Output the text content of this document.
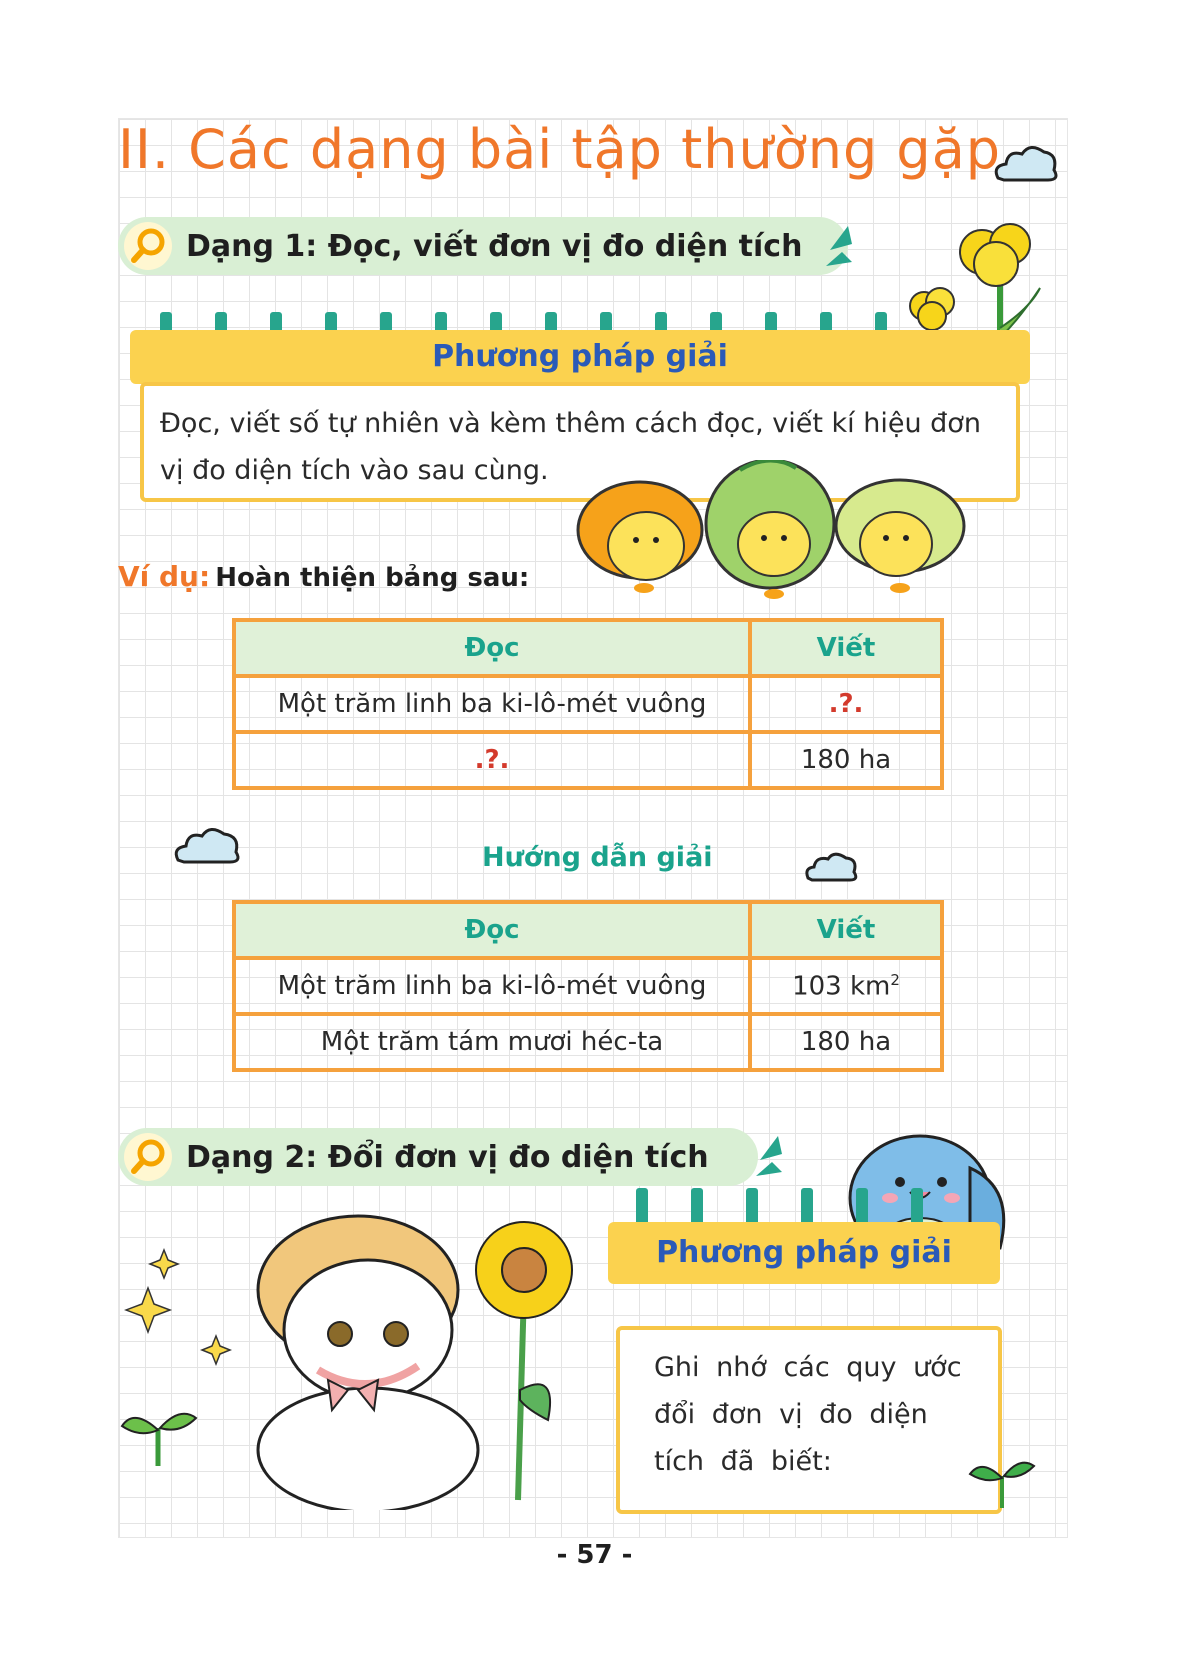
II. Các dạng bài tập thường gặp
Dạng 1: Đọc, viết đơn vị đo diện tích
Phương pháp giải
Đọc, viết số tự nhiên và kèm thêm cách đọc, viết kí hiệu đơn
vị đo diện tích vào sau cùng.
Ví dụ: Hoàn thiện bảng sau:
Đọc	Viết
Một trăm linh ba ki-lô-mét vuông	.?.
.?.	180 ha
Hướng dẫn giải
Đọc	Viết
Một trăm linh ba ki-lô-mét vuông	103 $km^2$
Một trăm tám mươi héc-ta	180 ha
Dạng 2: Đổi đơn vị đo diện tích
Phương pháp giải
Ghi nhớ các quy ước
đổi đơn vị đo diện
tích đã biết:
- 57 -
